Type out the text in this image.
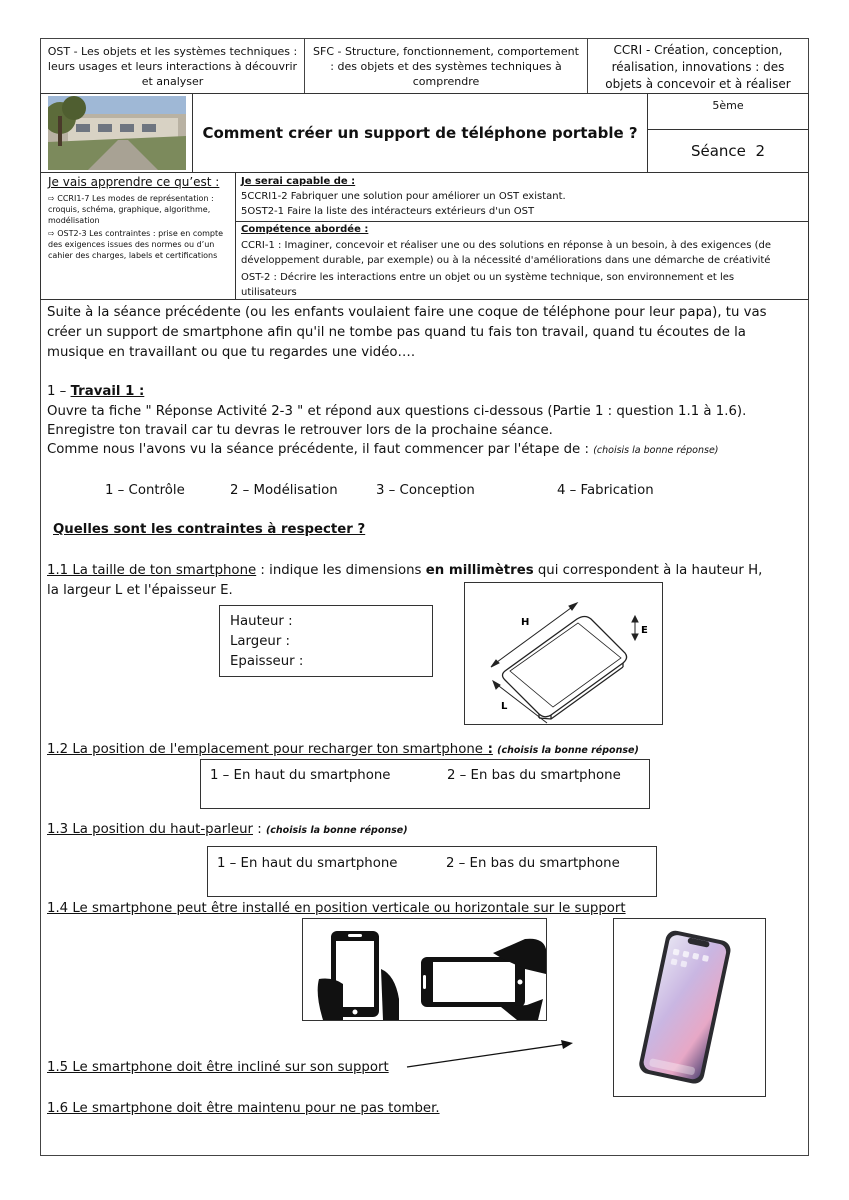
OST - Les objets et les systèmes techniques : leurs usages et leurs interactions à découvrir et analyser
SFC - Structure, fonctionnement, comportement : des objets et des systèmes techniques à comprendre
CCRI - Création, conception, réalisation, innovations : des objets à concevoir et à réaliser
Comment créer un support de téléphone portable ?
5ème
Séance  2
Je vais apprendre ce qu’est :
⇨ CCRI1-7 Les modes de représentation : croquis, schéma, graphique, algorithme, modélisation
⇨ OST2-3 Les contraintes : prise en compte des exigences issues des normes ou d’un cahier des charges, labels et certifications
Je serai capable de :
5CCRI1-2 Fabriquer une solution pour améliorer un OST existant.
5OST2-1 Faire la liste des intéracteurs extérieurs d'un OST
Compétence abordée :
CCRI-1 : Imaginer, concevoir et réaliser une ou des solutions en réponse à un besoin, à des exigences (de développement durable, par exemple) ou à la nécessité d'améliorations dans une démarche de créativité
OST-2 : Décrire les interactions entre un objet ou un système technique, son environnement et les utilisateurs
Suite à la séance précédente (ou les enfants voulaient faire une coque de téléphone pour leur papa), tu vas créer un support de smartphone afin qu'il ne tombe pas quand tu fais ton travail, quand tu écoutes de la musique en travaillant ou que tu regardes une vidéo….
1 – Travail 1 :
Ouvre ta fiche " Réponse Activité 2-3 " et répond aux questions ci-dessous (Partie 1 : question 1.1 à 1.6).
Enregistre ton travail car tu devras le retrouver lors de la prochaine séance.
Comme nous l'avons vu la séance précédente, il faut commencer par l'étape de : (choisis la bonne réponse)
1 – Contrôle	2 – Modélisation	3 – Conception	4 – Fabrication
Quelles sont les contraintes à respecter ?
1.1 La taille de ton smartphone : indique les dimensions en millimètres qui correspondent à la hauteur H, la largeur L et l'épaisseur E.
Hauteur :
Largeur :
Epaisseur :
H
E
L
1.2 La position de l'emplacement pour recharger ton smartphone : (choisis la bonne réponse)
1 – En haut du smartphone	2 – En bas du smartphone
1.3 La position du haut-parleur : (choisis la bonne réponse)
1 – En haut du smartphone	2 – En bas du smartphone
1.4 Le smartphone peut être installé en position verticale ou horizontale sur le support
1.5 Le smartphone doit être incliné sur son support
1.6 Le smartphone doit être maintenu pour ne pas tomber.
